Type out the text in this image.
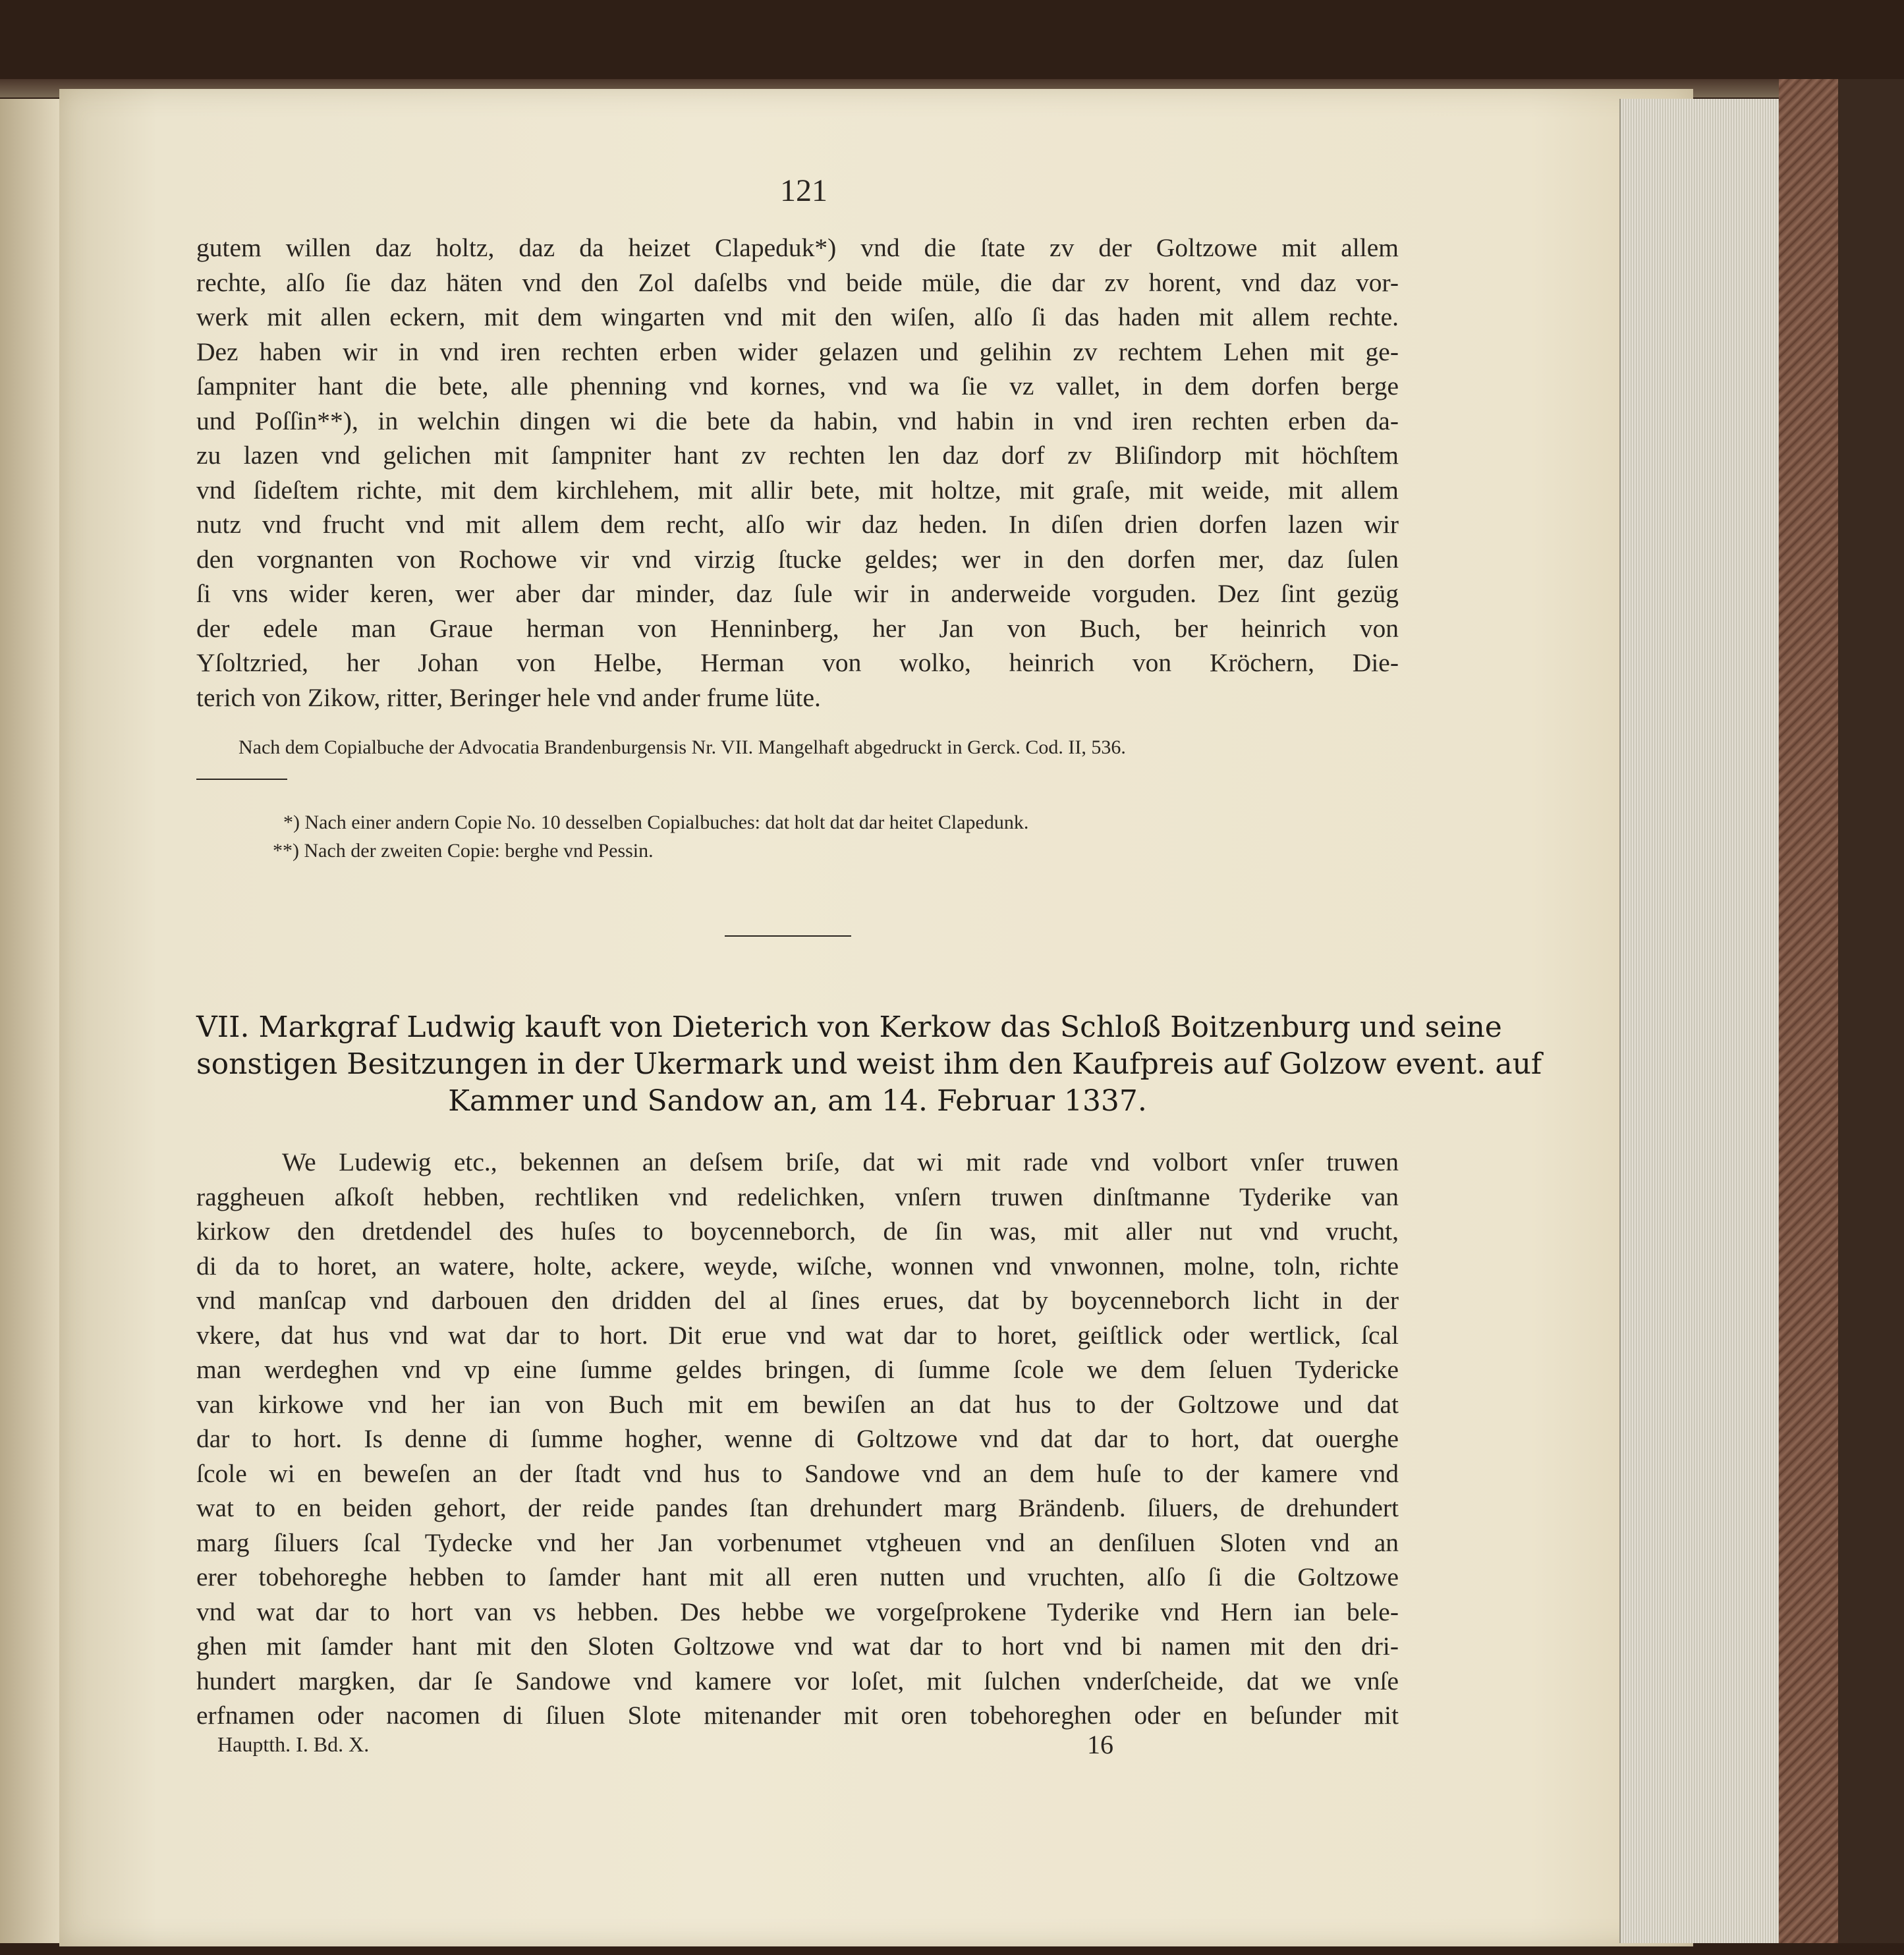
121
gutem willen daz holtz, daz da heizet Clapeduk*) vnd die ſtate zv der Goltzowe mit allem
rechte, alſo ſie daz häten vnd den Zol daſelbs vnd beide müle, die dar zv horent, vnd daz vor-
werk mit allen eckern, mit dem wingarten vnd mit den wiſen, alſo ſi das haden mit allem rechte.
Dez haben wir in vnd iren rechten erben wider gelazen und gelihin zv rechtem Lehen mit ge-
ſampniter hant die bete, alle phenning vnd kornes, vnd wa ſie vz vallet, in dem dorfen berge
und Poſſin**), in welchin dingen wi die bete da habin, vnd habin in vnd iren rechten erben da-
zu lazen vnd gelichen mit ſampniter hant zv rechten len daz dorf zv Bliſindorp mit höchſtem
vnd ſideſtem richte, mit dem kirchlehem, mit allir bete, mit holtze, mit graſe, mit weide, mit allem
nutz vnd frucht vnd mit allem dem recht, alſo wir daz heden. In diſen drien dorfen lazen wir
den vorgnanten von Rochowe vir vnd virzig ſtucke geldes; wer in den dorfen mer, daz ſulen
ſi vns wider keren, wer aber dar minder, daz ſule wir in anderweide vorguden. Dez ſint gezüg
der edele man Graue herman von Henninberg, her Jan von Buch, ber heinrich von
Yſoltzried, her Johan von Helbe, Herman von wolko, heinrich von Kröchern, Die-
terich von Zikow, ritter, Beringer hele vnd ander frume lüte.
Nach dem Copialbuche der Advocatia Brandenburgensis Nr. VII. Mangelhaft abgedruckt in Gerck. Cod. II, 536.
*) Nach einer andern Copie No. 10 desselben Copialbuches: dat holt dat dar heitet Clapedunk.
**) Nach der zweiten Copie: berghe vnd Pessin.
VII. Markgraf Ludwig kauft von Dieterich von Kerkow das Schloß Boitzenburg und seine
sonstigen Besitzungen in der Ukermark und weist ihm den Kaufpreis auf Golzow event. auf
Kammer und Sandow an, am 14. Februar 1337.
We Ludewig etc., bekennen an deſsem briſe, dat wi mit rade vnd volbort vnſer truwen
raggheuen aſkoſt hebben, rechtliken vnd redelichken, vnſern truwen dinſtmanne Tyderike van
kirkow den dretdendel des huſes to boycenneborch, de ſin was, mit aller nut vnd vrucht,
di da to horet, an watere, holte, ackere, weyde, wiſche, wonnen vnd vnwonnen, molne, toln, richte
vnd manſcap vnd darbouen den dridden del al ſines erues, dat by boycenneborch licht in der
vkere, dat hus vnd wat dar to hort. Dit erue vnd wat dar to horet, geiſtlick oder wertlick, ſcal
man werdeghen vnd vp eine ſumme geldes bringen, di ſumme ſcole we dem ſeluen Tydericke
van kirkowe vnd her ian von Buch mit em bewiſen an dat hus to der Goltzowe und dat
dar to hort. Is denne di ſumme hogher, wenne di Goltzowe vnd dat dar to hort, dat ouerghe
ſcole wi en beweſen an der ſtadt vnd hus to Sandowe vnd an dem huſe to der kamere vnd
wat to en beiden gehort, der reide pandes ſtan drehundert marg Brändenb. ſiluers, de drehundert
marg ſiluers ſcal Tydecke vnd her Jan vorbenumet vtgheuen vnd an denſiluen Sloten vnd an
erer tobehoreghe hebben to ſamder hant mit all eren nutten und vruchten, alſo ſi die Goltzowe
vnd wat dar to hort van vs hebben. Des hebbe we vorgeſprokene Tyderike vnd Hern ian bele-
ghen mit ſamder hant mit den Sloten Goltzowe vnd wat dar to hort vnd bi namen mit den dri-
hundert margken, dar ſe Sandowe vnd kamere vor loſet, mit ſulchen vnderſcheide, dat we vnſe
erfnamen oder nacomen di ſiluen Slote mitenander mit oren tobehoreghen oder en beſunder mit
Hauptth. I. Bd. X.	16
